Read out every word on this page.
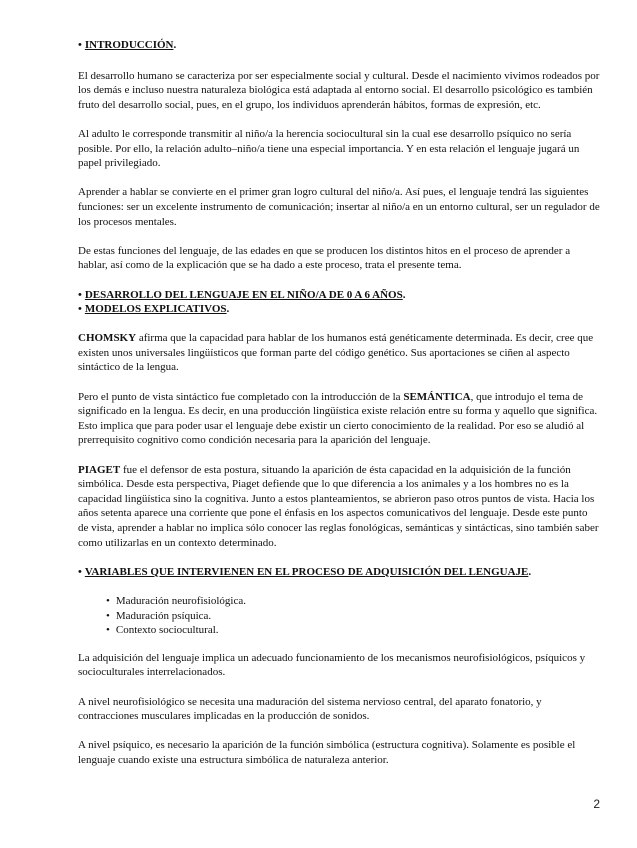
• INTRODUCCIÓN.

El desarrollo humano se caracteriza por ser especialmente social y cultural. Desde el nacimiento vivimos rodeados por los demás e incluso nuestra naturaleza biológica está adaptada al entorno social. El desarrollo psicológico es también fruto del desarrollo social, pues, en el grupo, los individuos aprenderán hábitos, formas de expresión, etc.

Al adulto le corresponde transmitir al niño/a la herencia sociocultural sin la cual ese desarrollo psíquico no sería posible. Por ello, la relación adulto–niño/a tiene una especial importancia. Y en esta relación el lenguaje jugará un papel privilegiado.

Aprender a hablar se convierte en el primer gran logro cultural del niño/a. Así pues, el lenguaje tendrá las siguientes funciones: ser un excelente instrumento de comunicación; insertar al niño/a en un entorno cultural, ser un regulador de los procesos mentales.

De estas funciones del lenguaje, de las edades en que se producen los distintos hitos en el proceso de aprender a hablar, así como de la explicación que se ha dado a este proceso, trata el presente tema.

• DESARROLLO DEL LENGUAJE EN EL NIÑO/A DE 0 A 6 AÑOS.

• MODELOS EXPLICATIVOS.

CHOMSKY afirma que la capacidad para hablar de los humanos está genéticamente determinada. Es decir, cree que existen unos universales lingüísticos que forman parte del código genético. Sus aportaciones se ciñen al aspecto sintáctico de la lengua.

Pero el punto de vista sintáctico fue completado con la introducción de la SEMÁNTICA, que introdujo el tema de significado en la lengua. Es decir, en una producción lingüística existe relación entre su forma y aquello que significa. Esto implica que para poder usar el lenguaje debe existir un cierto conocimiento de la realidad. Por eso se aludió al prerrequisito cognitivo como condición necesaria para la aparición del lenguaje.

PIAGET fue el defensor de esta postura, situando la aparición de ésta capacidad en la adquisición de la función simbólica. Desde esta perspectiva, Piaget defiende que lo que diferencia a los animales y a los hombres no es la capacidad lingüística sino la cognitiva. Junto a estos planteamientos, se abrieron paso otros puntos de vista. Hacia los años setenta aparece una corriente que pone el énfasis en los aspectos comunicativos del lenguaje. Desde este punto de vista, aprender a hablar no implica sólo conocer las reglas fonológicas, semánticas y sintácticas, sino también saber como utilizarlas en un contexto determinado.

• VARIABLES QUE INTERVIENEN EN EL PROCESO DE ADQUISICIÓN DEL LENGUAJE.

• Maduración neurofisiológica.
• Maduración psíquica.
• Contexto sociocultural.

La adquisición del lenguaje implica un adecuado funcionamiento de los mecanismos neurofisiológicos, psíquicos y socioculturales interrelacionados.

A nivel neurofisiológico se necesita una maduración del sistema nervioso central, del aparato fonatorio, y contracciones musculares implicadas en la producción de sonidos.

A nivel psíquico, es necesario la aparición de la función simbólica (estructura cognitiva). Solamente es posible el lenguaje cuando existe una estructura simbólica de naturaleza anterior.

2
